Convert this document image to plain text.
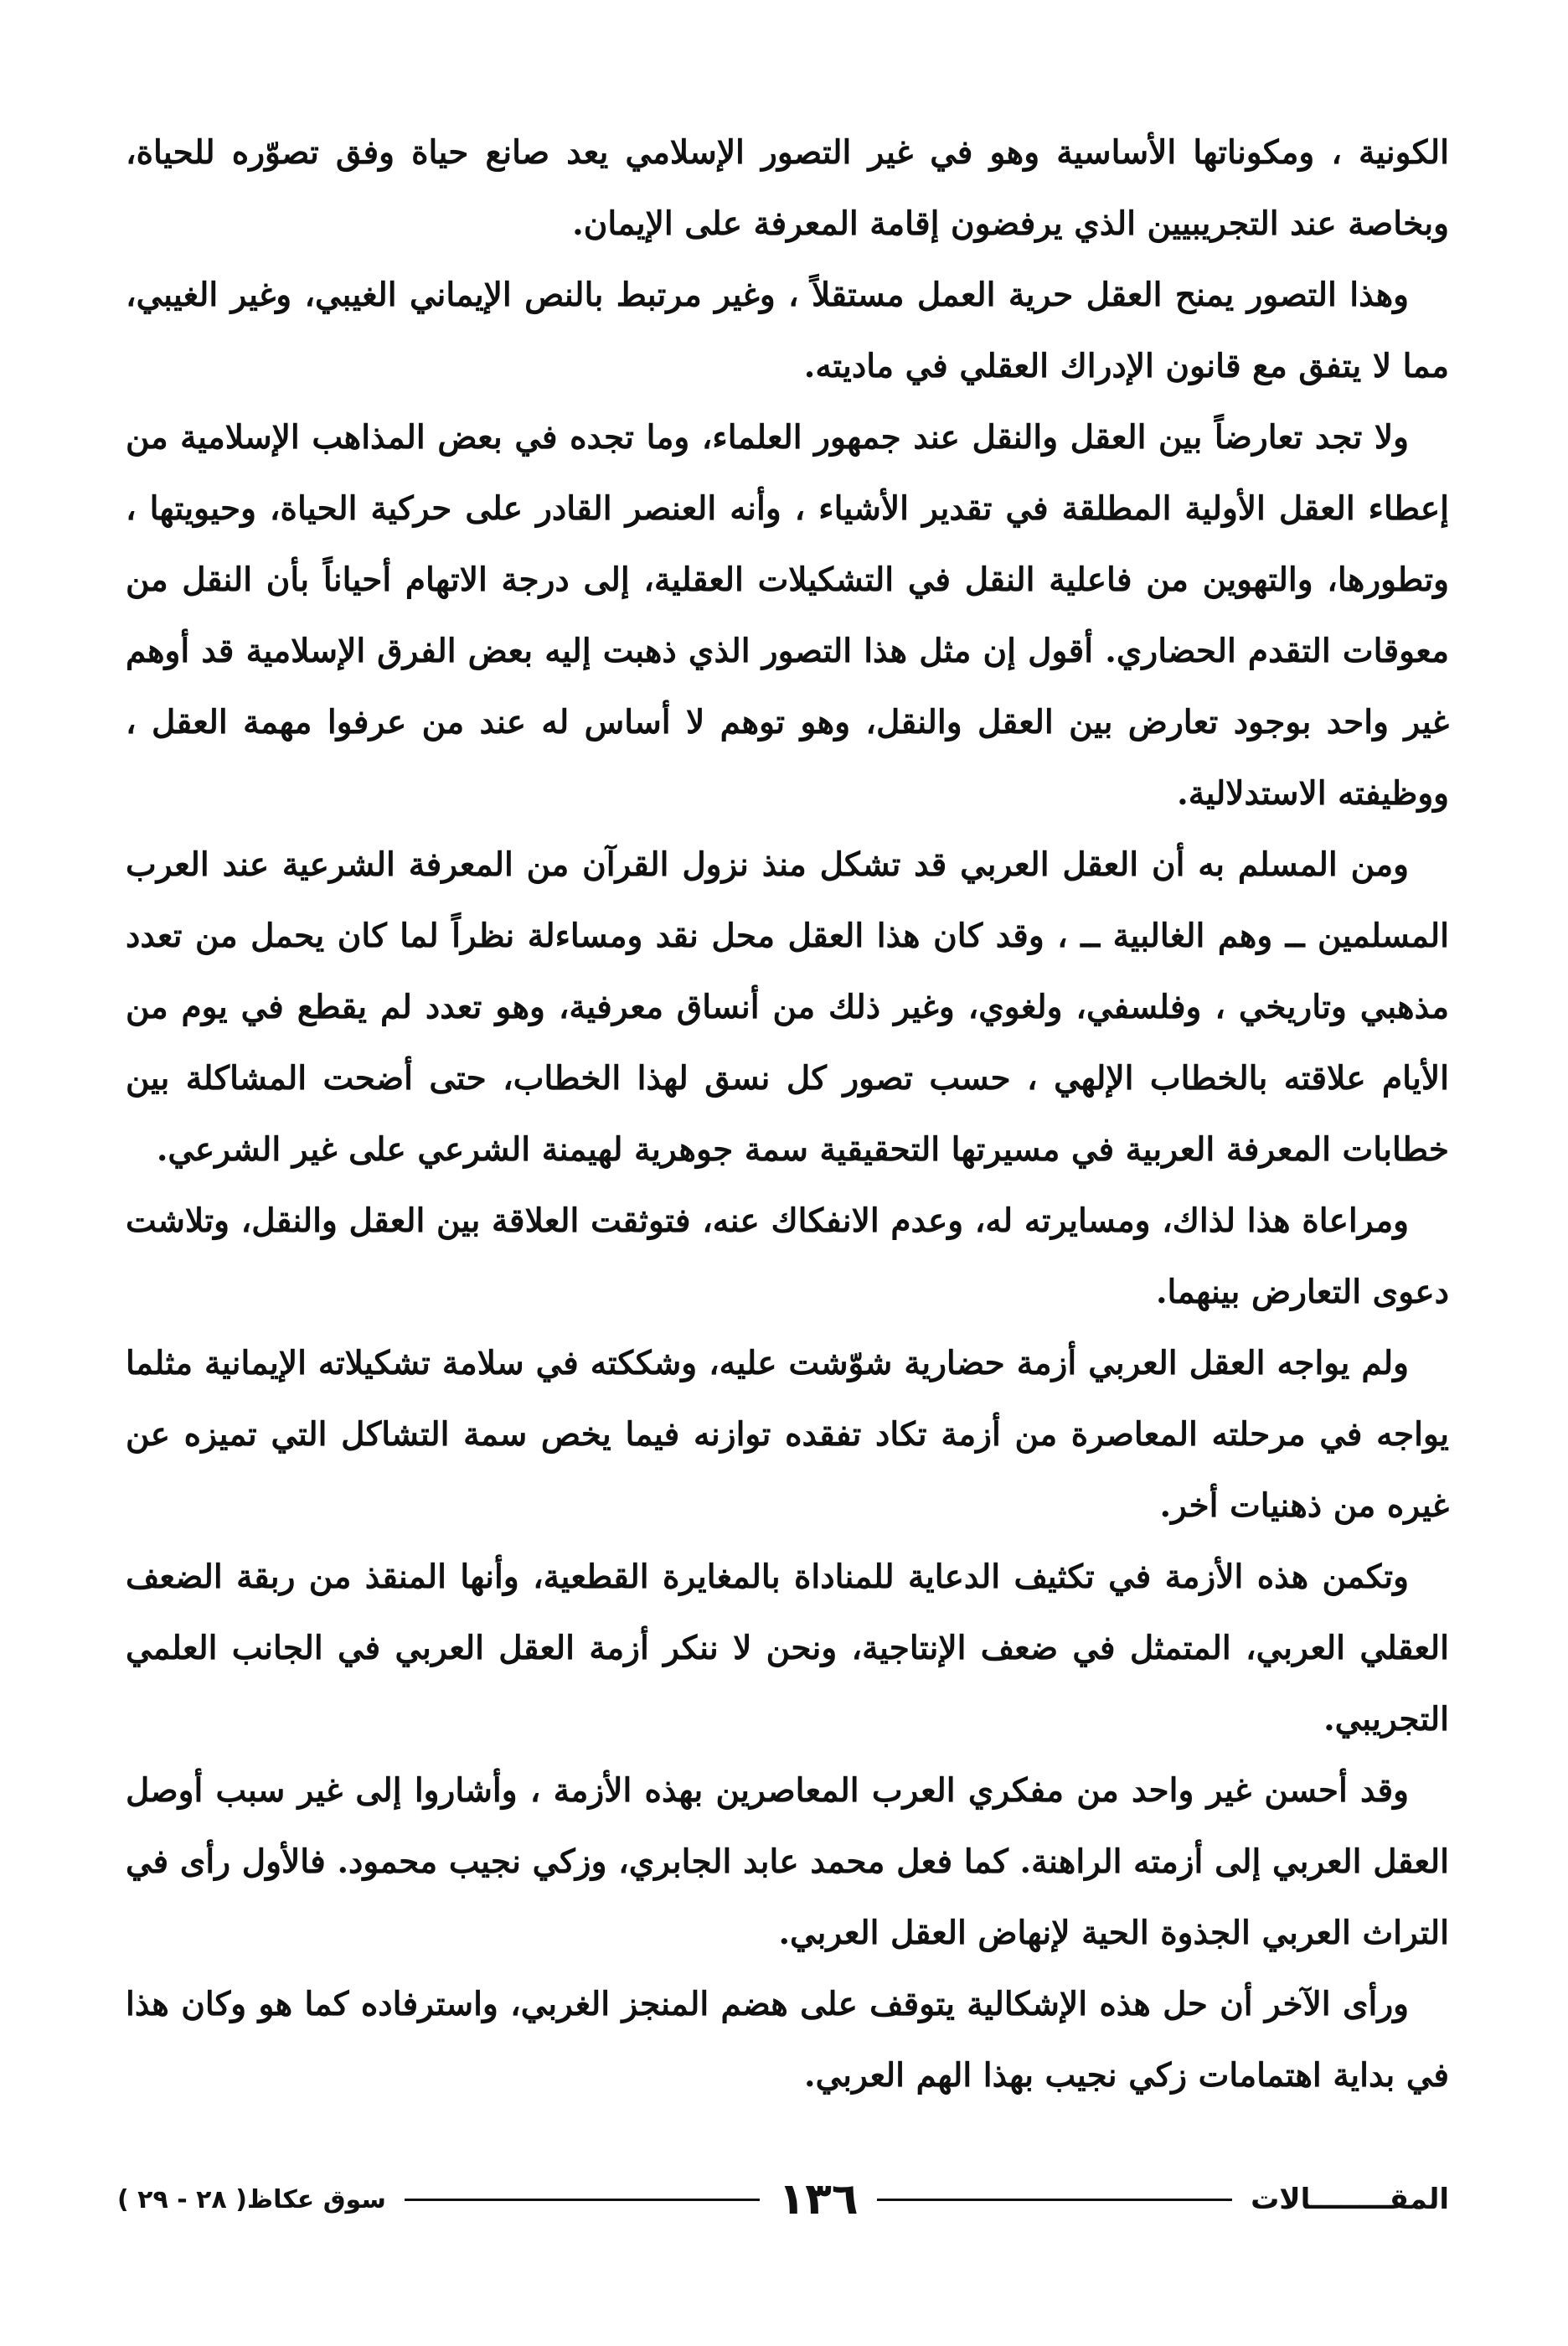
الكونية ، ومكوناتها الأساسية وهو في غير التصور الإسلامي يعد صانع حياة وفق تصوّره للحياة، وبخاصة عند التجريبيين الذي يرفضون إقامة المعرفة على الإيمان.

وهذا التصور يمنح العقل حرية العمل مستقلاً ، وغير مرتبط بالنص الإيماني الغيبي، وغير الغيبي، مما لا يتفق مع قانون الإدراك العقلي في ماديته.

ولا تجد تعارضاً بين العقل والنقل عند جمهور العلماء، وما تجده في بعض المذاهب الإسلامية من إعطاء العقل الأولية المطلقة في تقدير الأشياء ، وأنه العنصر القادر على حركية الحياة، وحيويتها ، وتطورها، والتهوين من فاعلية النقل في التشكيلات العقلية، إلى درجة الاتهام أحياناً بأن النقل من معوقات التقدم الحضاري. أقول إن مثل هذا التصور الذي ذهبت إليه بعض الفرق الإسلامية قد أوهم غير واحد بوجود تعارض بين العقل والنقل، وهو توهم لا أساس له عند من عرفوا مهمة العقل ، ووظيفته الاستدلالية.

ومن المسلم به أن العقل العربي قد تشكل منذ نزول القرآن من المعرفة الشرعية عند العرب المسلمين ــ وهم الغالبية ــ ، وقد كان هذا العقل محل نقد ومساءلة نظراً لما كان يحمل من تعدد مذهبي وتاريخي ، وفلسفي، ولغوي، وغير ذلك من أنساق معرفية، وهو تعدد لم يقطع في يوم من الأيام علاقته بالخطاب الإلهي ، حسب تصور كل نسق لهذا الخطاب، حتى أضحت المشاكلة بين خطابات المعرفة العربية في مسيرتها التحقيقية سمة جوهرية لهيمنة الشرعي على غير الشرعي.

ومراعاة هذا لذاك، ومسايرته له، وعدم الانفكاك عنه، فتوثقت العلاقة بين العقل والنقل، وتلاشت دعوى التعارض بينهما.

ولم يواجه العقل العربي أزمة حضارية شوّشت عليه، وشككته في سلامة تشكيلاته الإيمانية مثلما يواجه في مرحلته المعاصرة من أزمة تكاد تفقده توازنه فيما يخص سمة التشاكل التي تميزه عن غيره من ذهنيات أخر.

وتكمن هذه الأزمة في تكثيف الدعاية للمناداة بالمغايرة القطعية، وأنها المنقذ من ربقة الضعف العقلي العربي، المتمثل في ضعف الإنتاجية، ونحن لا ننكر أزمة العقل العربي في الجانب العلمي التجريبي.

وقد أحسن غير واحد من مفكري العرب المعاصرين بهذه الأزمة ، وأشاروا إلى غير سبب أوصل العقل العربي إلى أزمته الراهنة. كما فعل محمد عابد الجابري، وزكي نجيب محمود. فالأول رأى في التراث العربي الجذوة الحية لإنهاض العقل العربي.

ورأى الآخر أن حل هذه الإشكالية يتوقف على هضم المنجز الغربي، واسترفاده كما هو وكان هذا في بداية اهتمامات زكي نجيب بهذا الهم العربي.

المقــــــــالات
١٣٦
سوق عكاظ( ٢٨ - ٢٩ )
